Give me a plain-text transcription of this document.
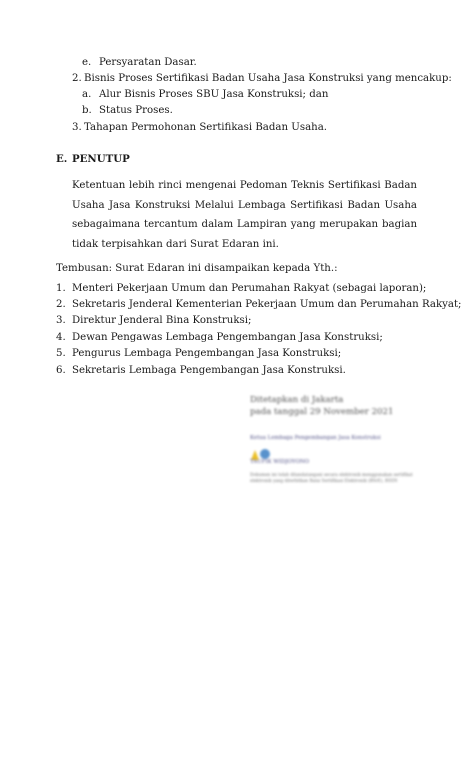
e. Persyaratan Dasar.
2. Bisnis Proses Sertifikasi Badan Usaha Jasa Konstruksi yang mencakup:
a. Alur Bisnis Proses SBU Jasa Konstruksi; dan
b. Status Proses.
3. Tahapan Permohonan Sertifikasi Badan Usaha.
E. PENUTUP
Ketentuan lebih rinci mengenai Pedoman Teknis Sertifikasi Badan Usaha Jasa Konstruksi Melalui Lembaga Sertifikasi Badan Usaha sebagaimana tercantum dalam Lampiran yang merupakan bagian tidak terpisahkan dari Surat Edaran ini.
Tembusan: Surat Edaran ini disampaikan kepada Yth.:
1. Menteri Pekerjaan Umum dan Perumahan Rakyat (sebagai laporan);
2. Sekretaris Jenderal Kementerian Pekerjaan Umum dan Perumahan Rakyat;
3. Direktur Jenderal Bina Konstruksi;
4. Dewan Pengawas Lembaga Pengembangan Jasa Konstruksi;
5. Pengurus Lembaga Pengembangan Jasa Konstruksi;
6. Sekretaris Lembaga Pengembangan Jasa Konstruksi.
Ditetapkan di Jakarta
pada tanggal 29 November 2021
Ketua Lembaga Pengembangan Jasa Konstruksi
TAUFIK WIDJOYONO
Dokumen ini telah ditandatangani secara elektronik menggunakan sertifikat elektronik yang diterbitkan Balai Sertifikasi Elektronik (BSrE), BSSN
